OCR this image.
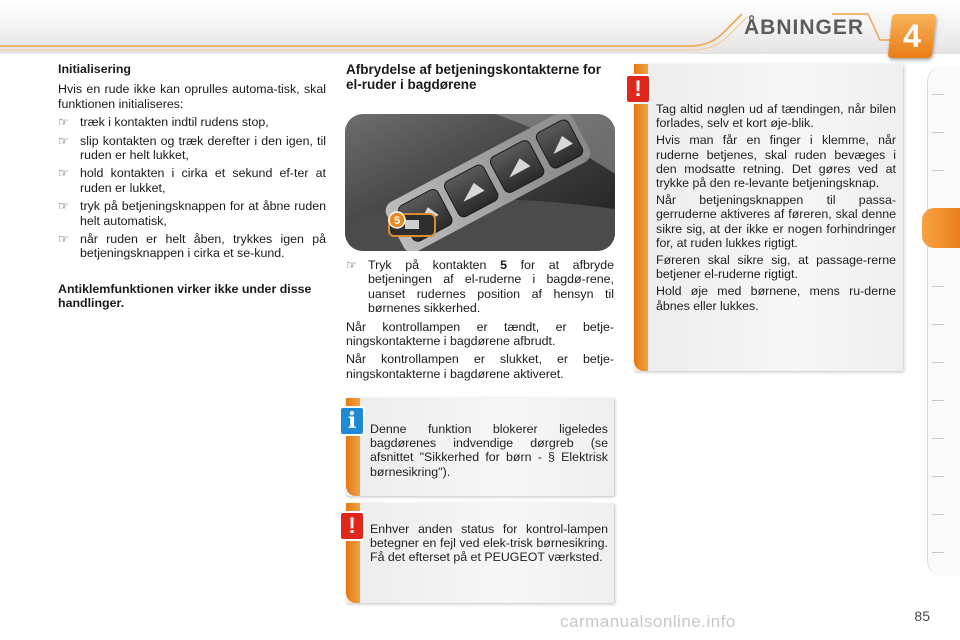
ÅBNINGER	4
Initialisering

Hvis en rude ikke kan oprulles automa-tisk, skal funktionen initialiseres:

☞ træk i kontakten indtil rudens stop,
☞ slip kontakten og træk derefter i den igen, til ruden er helt lukket,
☞ hold kontakten i cirka et sekund ef-ter at ruden er lukket,
☞ tryk på betjeningsknappen for at åbne ruden helt automatisk,
☞ når ruden er helt åben, trykkes igen på betjeningsknappen i cirka et se-kund.
Antiklemfunktionen virker ikke under disse handlinger.
Afbrydelse af betjeningskontakterne for el-ruder i bagdørene
5
☞ Tryk på kontakten 5 for at afbryde betjeningen af el-ruderne i bagdø-rene, uanset rudernes position af hensyn til børnenes sikkerhed.

Når kontrollampen er tændt, er betje-ningskontakterne i bagdørene afbrudt.

Når kontrollampen er slukket, er betje-ningskontakterne i bagdørene aktiveret.

Tag altid nøglen ud af tændingen, når bilen forlades, selv et kort øje-blik.

Hvis man får en finger i klemme, når ruderne betjenes, skal ruden bevæges i den modsatte retning. Det gøres ved at trykke på den re-levante betjeningsknap.

Når betjeningsknappen til passa-gerruderne aktiveres af føreren, skal denne sikre sig, at der ikke er nogen forhindringer for, at ruden lukkes rigtigt.

Føreren skal sikre sig, at passage-rerne betjener el-ruderne rigtigt.

Hold øje med børnene, mens ru-derne åbnes eller lukkes.

!
Denne funktion blokerer ligeledes bagdørenes indvendige dørgreb (se afsnittet "Sikkerhed for børn - § Elektrisk børnesikring").
i
Enhver anden status for kontrol-lampen betegner en fejl ved elek-trisk børnesikring. Få det efterset på et PEUGEOT værksted.
!
carmanualsonline.info	85
